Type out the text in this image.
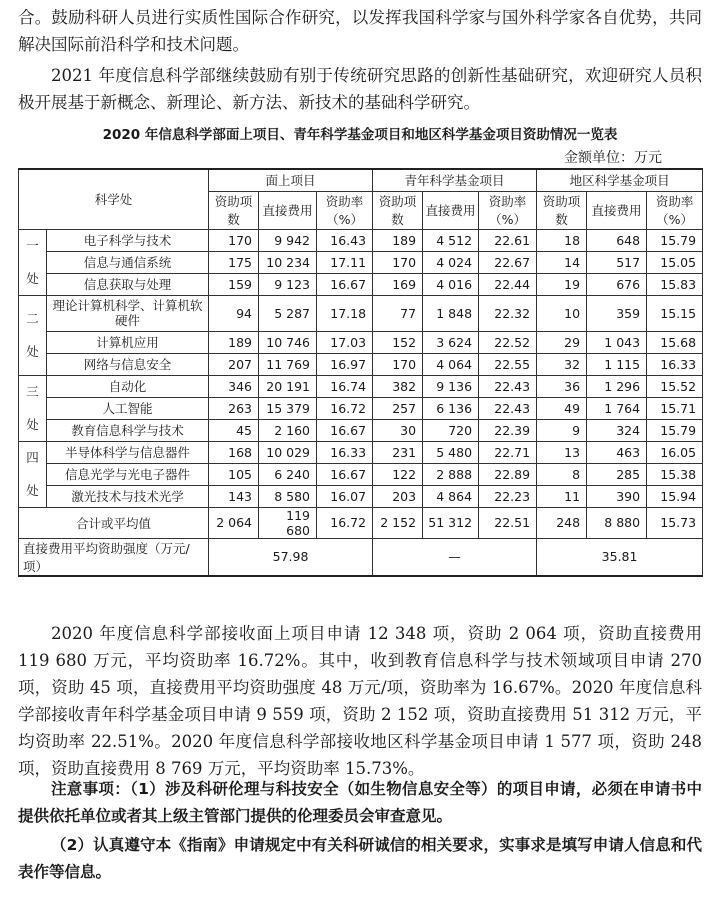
合。鼓励科研人员进行实质性国际合作研究，以发挥我国科学家与国外科学家各自优势，共同解决国际前沿科学和技术问题。

2021 年度信息科学部继续鼓励有别于传统研究思路的创新性基础研究，欢迎研究人员积极开展基于新概念、新理论、新方法、新技术的基础科学研究。

2020 年信息科学部面上项目、青年科学基金项目和地区科学基金项目资助情况一览表
金额单位：万元
科学处		面上项目			青年科学基金项目			地区科学基金项目		
		资助项数	直接费用	资助率（%）	资助项数	直接费用	资助率（%）	资助项数	直接费用	资助率（%）

一
处	电子科学与技术	170	9 942	16.43	189	4 512	22.61	18	648	15.79
	信息与通信系统	175	10 234	17.11	170	4 024	22.67	14	517	15.05
	信息获取与处理	159	9 123	16.67	169	4 016	22.44	19	676	15.83

二
处	理论计算机科学、计算机软硬件	94	5 287	17.18	77	1 848	22.32	10	359	15.15
	计算机应用	189	10 746	17.03	152	3 624	22.52	29	1 043	15.68
	网络与信息安全	207	11 769	16.97	170	4 064	22.55	32	1 115	16.33

三
处	自动化	346	20 191	16.74	382	9 136	22.43	36	1 296	15.52
	人工智能	263	15 379	16.72	257	6 136	22.43	49	1 764	15.71
	教育信息科学与技术	45	2 160	16.67	30	720	22.39	9	324	15.79

四
处	半导体科学与信息器件	168	10 029	16.33	231	5 480	22.71	13	463	16.05
	信息光学与光电子器件	105	6 240	16.67	122	2 888	22.89	8	285	15.38
	激光技术与技术光学	143	8 580	16.07	203	4 864	22.23	11	390	15.94
合计或平均值		2 064	119 680	16.72	2 152	51 312	22.51	248	8 880	15.73
直接费用平均资助强度（万元/项）		57.98			—			35.81		

2020 年度信息科学部接收面上项目申请 12 348 项，资助 2 064 项，资助直接费用 119 680 万元，平均资助率 16.72%。其中，收到教育信息科学与技术领域项目申请 270 项，资助 45 项，直接费用平均资助强度 48 万元/项，资助率为 16.67%。2020 年度信息科学部接收青年科学基金项目申请 9 559 项，资助 2 152 项，资助直接费用 51 312 万元，平均资助率 22.51%。2020 年度信息科学部接收地区科学基金项目申请 1 577 项，资助 248 项，资助直接费用 8 769 万元，平均资助率 15.73%。

注意事项：（1）涉及科研伦理与科技安全（如生物信息安全等）的项目申请，必须在申请书中提供依托单位或者其上级主管部门提供的伦理委员会审查意见。

（2）认真遵守本《指南》申请规定中有关科研诚信的相关要求，实事求是填写申请人信息和代表作等信息。
